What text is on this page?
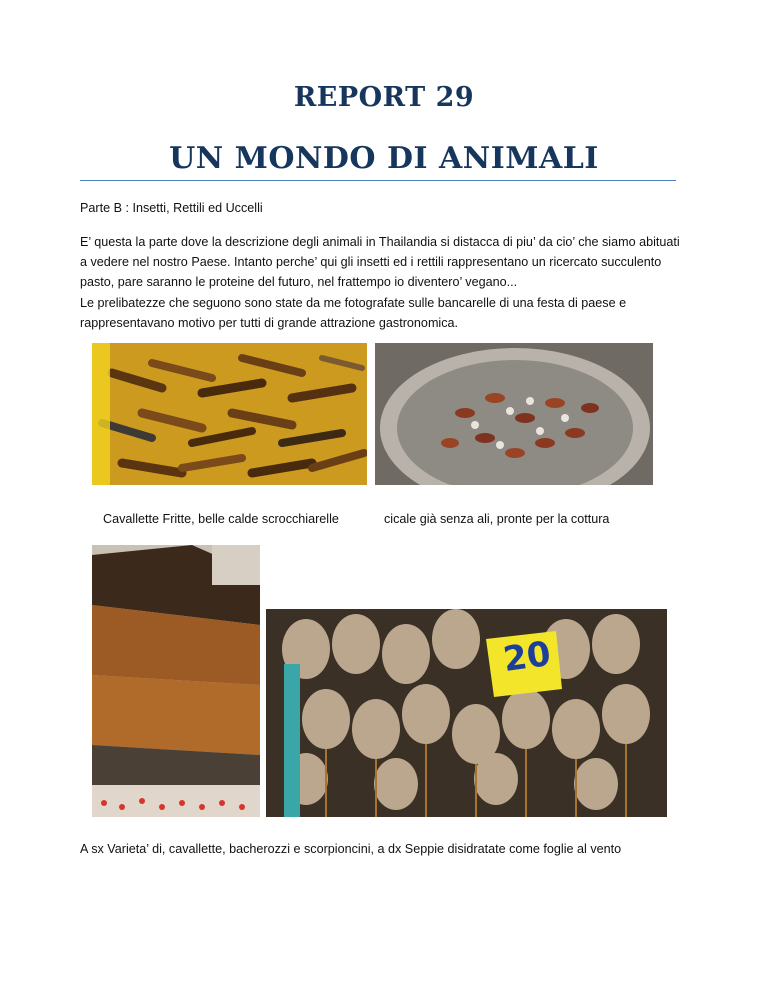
REPORT 29
UN MONDO DI ANIMALI
Parte B : Insetti, Rettili ed Uccelli
E’ questa la parte dove la descrizione degli animali in Thailandia si distacca di piu’ da cio’ che siamo abituati a vedere nel nostro Paese. Intanto perche’ qui gli insetti ed i rettili rappresentano un ricercato succulento pasto, pare saranno le proteine del futuro, nel frattempo io diventero’ vegano...
Le prelibatezze che seguono sono state da me fotografate sulle bancarelle di una festa di paese e rappresentavano motivo per tutti di grande attrazione gastronomica.
Cavallette Fritte, belle calde scrocchiarelle	cicale già senza ali, pronte per la cottura
20
A sx Varieta’ di, cavallette, bacherozzi e scorpioncini, a dx Seppie disidratate come foglie al vento
